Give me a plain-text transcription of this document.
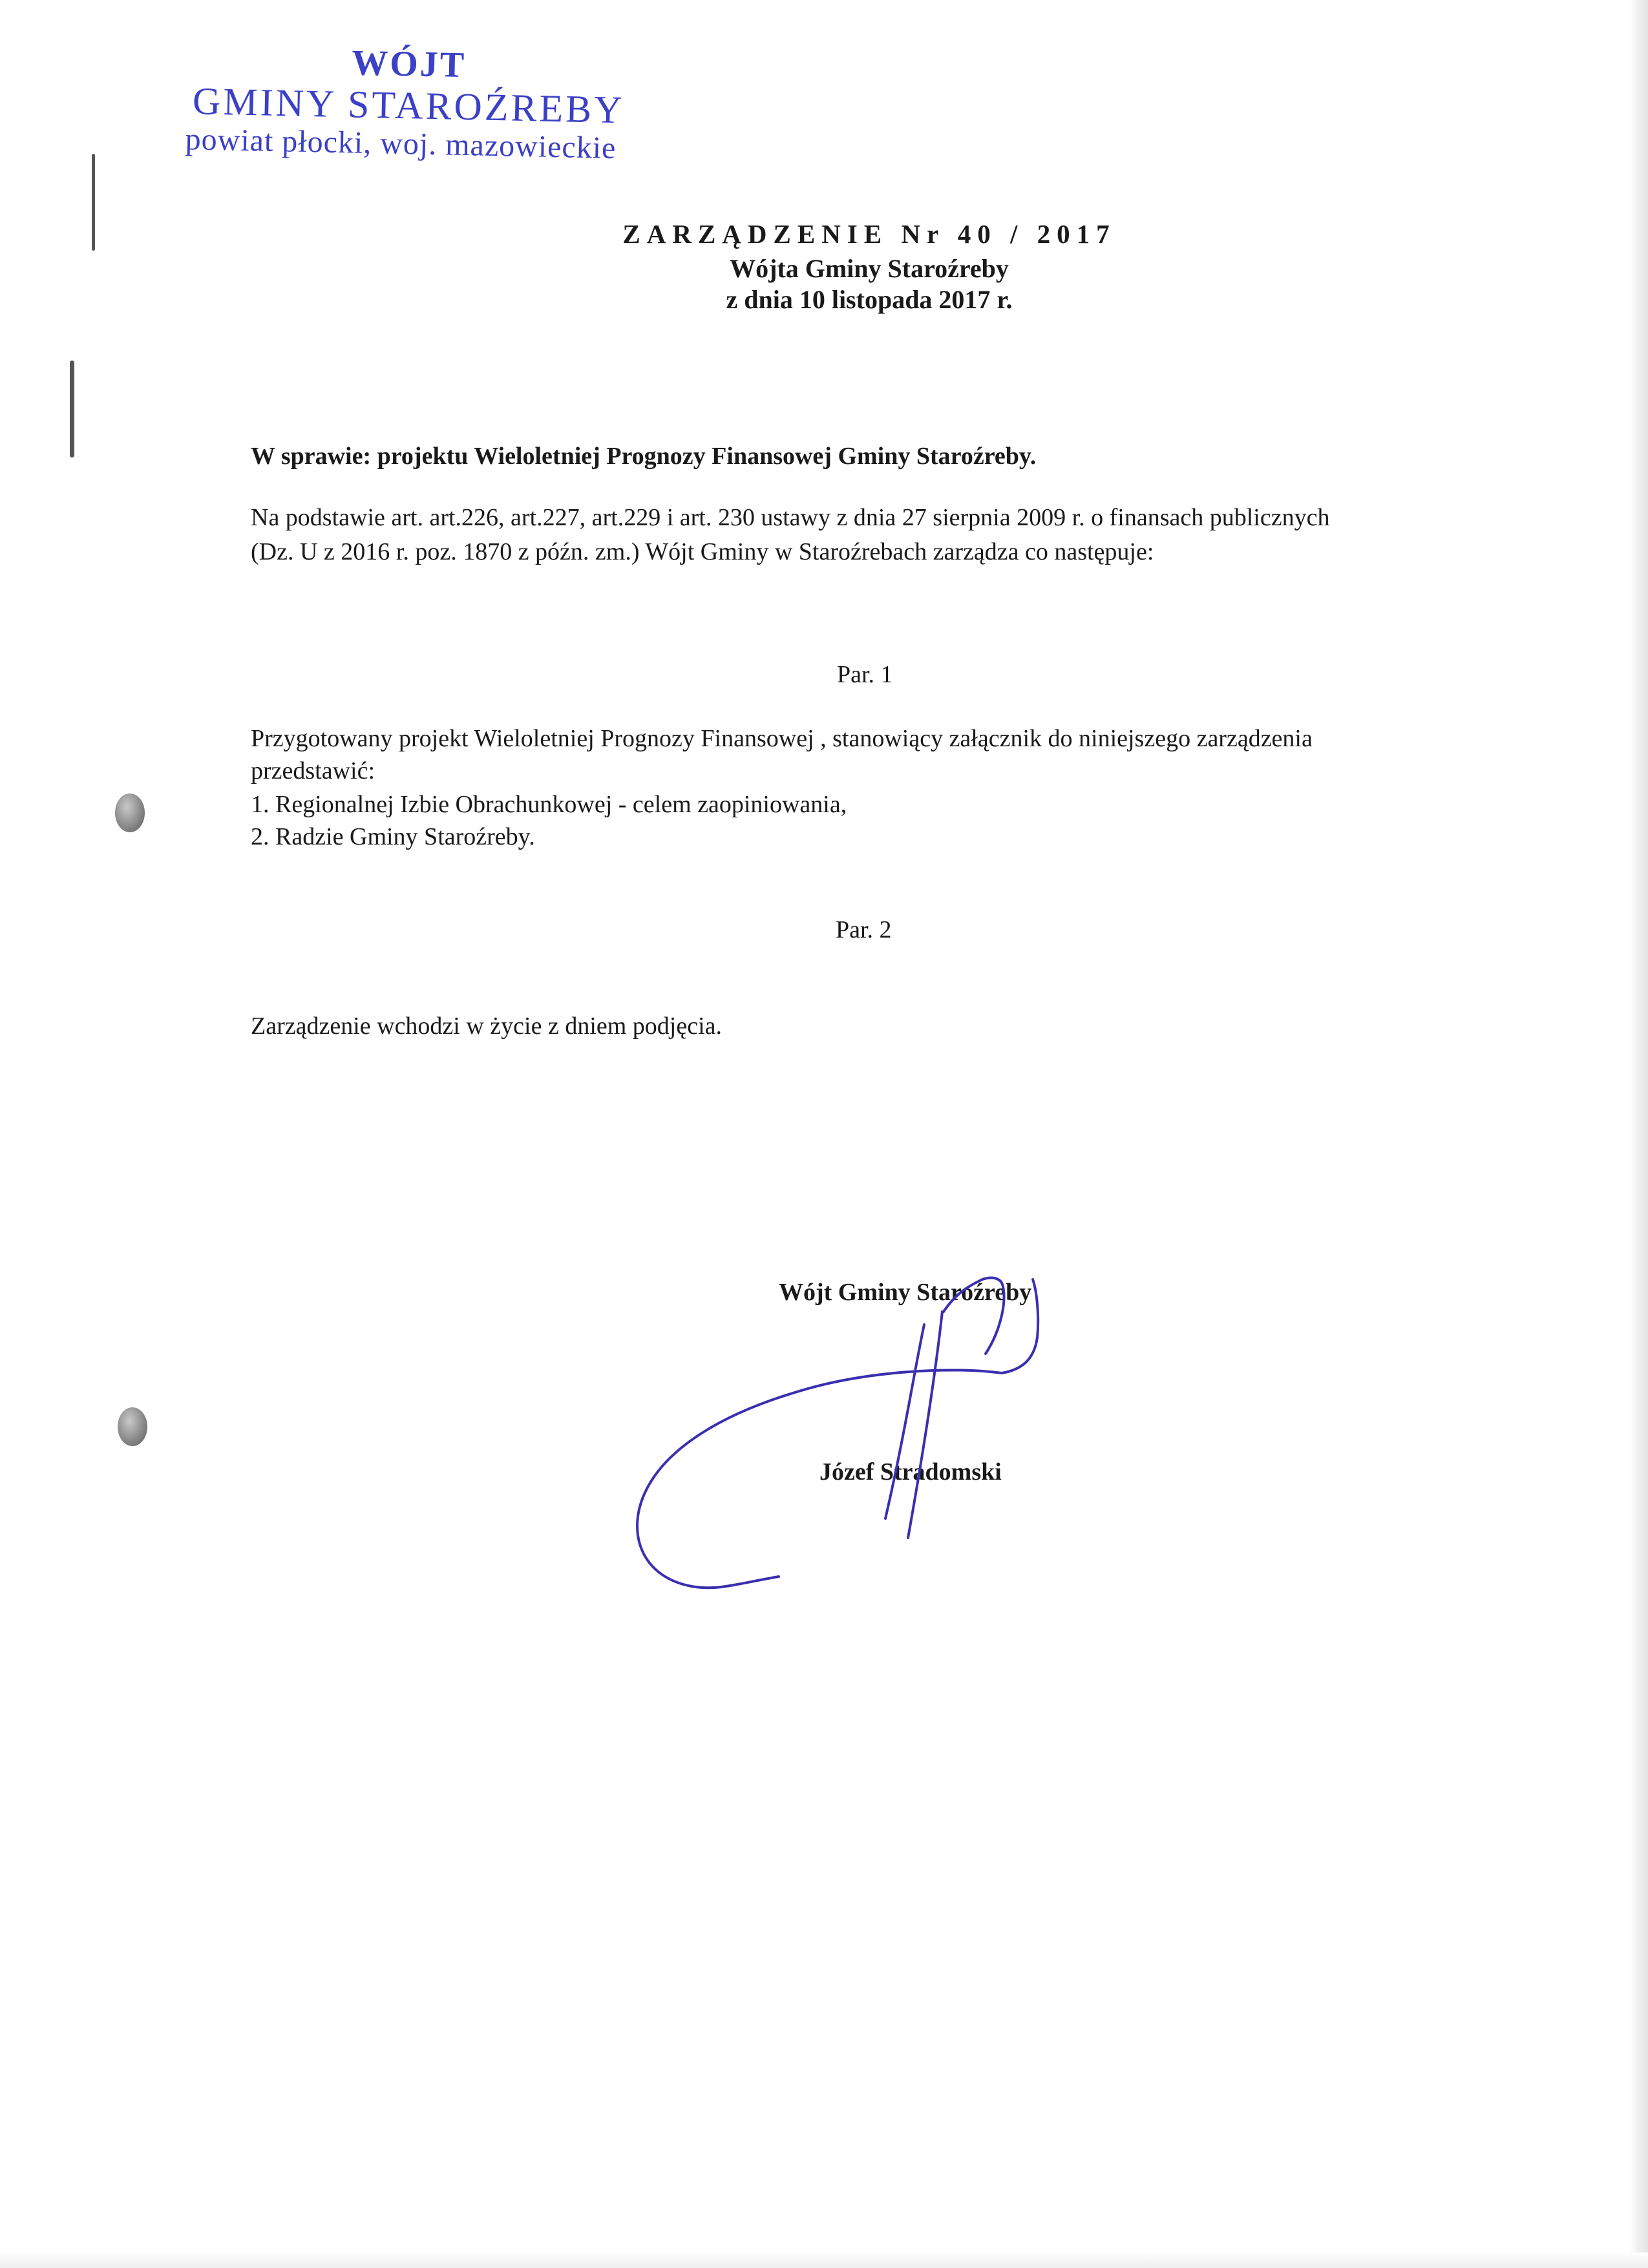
WÓJT
GMINY STAROŹREBY
powiat płocki, woj. mazowieckie
ZARZĄDZENIE Nr 40 / 2017
Wójta Gminy Staroźreby
z dnia 10 listopada 2017 r.
W sprawie: projektu Wieloletniej Prognozy Finansowej Gminy Staroźreby.
Na podstawie art. art.226, art.227, art.229 i art. 230 ustawy z dnia 27 sierpnia 2009 r. o finansach publicznych
(Dz. U z 2016 r. poz. 1870 z późn. zm.) Wójt Gminy w Staroźrebach zarządza co następuje:
Par. 1
Przygotowany projekt Wieloletniej Prognozy Finansowej , stanowiący załącznik do niniejszego zarządzenia
przedstawić:
1. Regionalnej Izbie Obrachunkowej - celem zaopiniowania,
2. Radzie Gminy Staroźreby.
Par. 2
Zarządzenie wchodzi w życie z dniem podjęcia.
Wójt Gminy Staroźreby
Józef Stradomski
